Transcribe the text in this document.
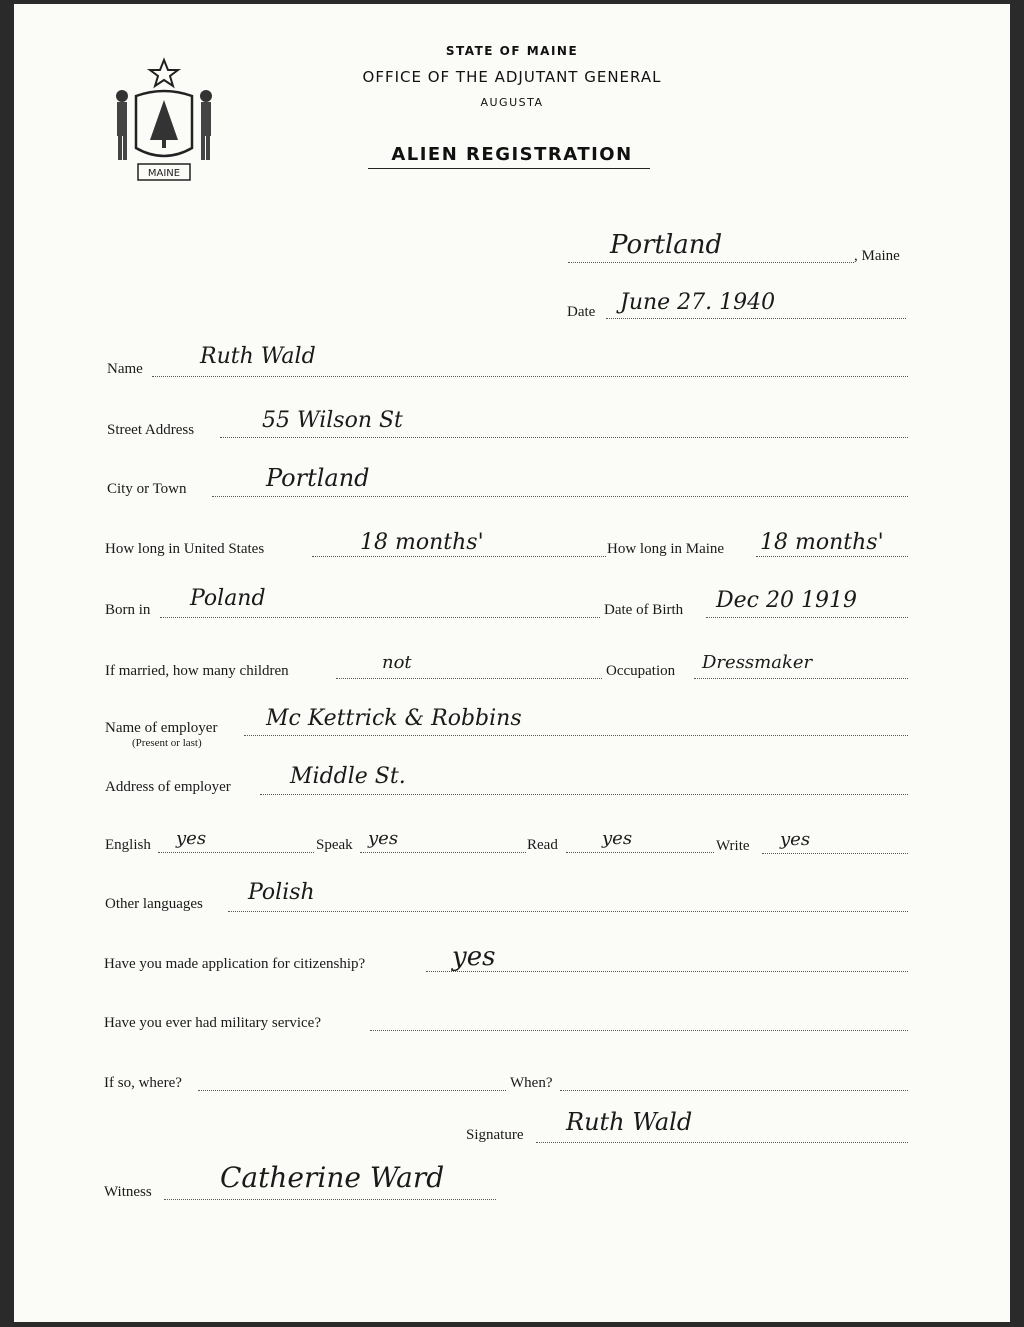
MAINE
STATE OF MAINE
OFFICE OF THE ADJUTANT GENERAL
AUGUSTA
ALIEN REGISTRATION
Portland	, Maine
Date June 27. 1940
Name	Ruth Wald
Street Address	55 Wilson St
City or Town	Portland
How long in United States	18 months'	How long in Maine 18 months'
Born in Poland	Date of Birth Dec 20 1919
If married, how many children	not	Occupation Dressmaker
Name of employer
(Present or last)
Mc Kettrick & Robbins
Address of employer	Middle St.
English yes	Speak yes	Read yes	Write yes
Other languages Polish
Have you made application for citizenship?	yes
Have you ever had military service?
If so, where?	When?
Signature Ruth Wald
Witness Catherine Ward
